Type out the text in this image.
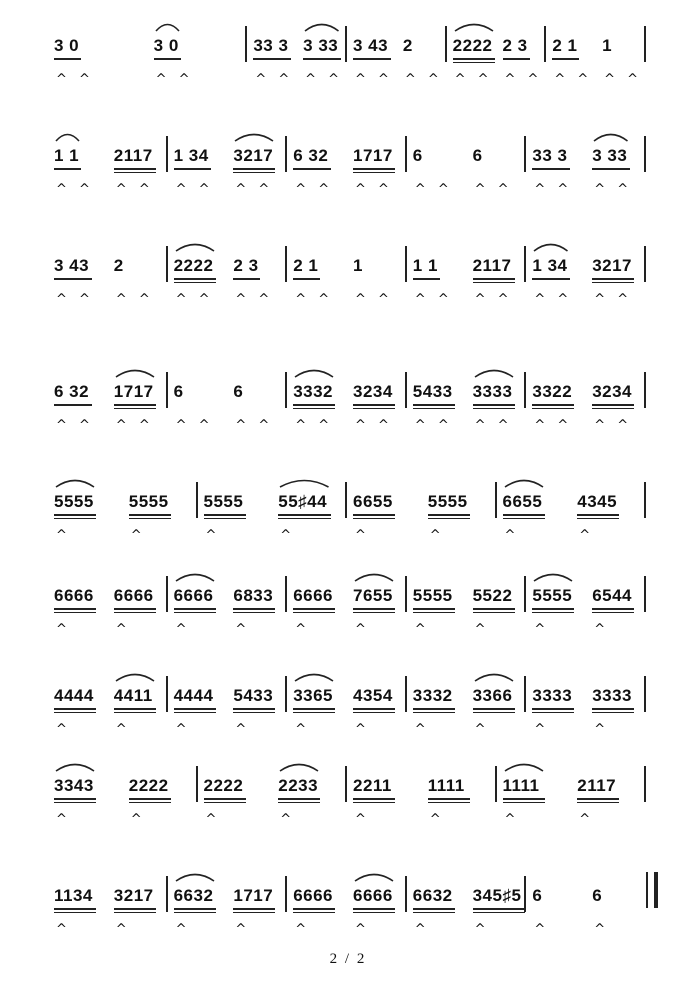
3 0
^ ^
3 0
^ ^
33 3
^ ^
3 33
^ ^
3 43
^ ^
2
^ ^
2222
^ ^
2 3
^ ^
2 1
^ ^
1
^ ^
1 1
^ ^
2117
^ ^
1 34
^ ^
3217
^ ^
6 32
^ ^
1717
^ ^
6
^ ^
6
^ ^
33 3
^ ^
3 33
^ ^
3 43
^ ^
2
^ ^
2222
^ ^
2 3
^ ^
2 1
^ ^
1
^ ^
1 1
^ ^
2117
^ ^
1 34
^ ^
3217
^ ^
6 32
^ ^
1717
^ ^
6
^ ^
6
^ ^
3332
^ ^
3234
^ ^
5433
^ ^
3333
^ ^
3322
^ ^
3234
^ ^
5555
^
5555
^
5555
^
55♯44
^
6655
^
5555
^
6655
^
4345
^
6666
^
6666
^
6666
^
6833
^
6666
^
7655
^
5555
^
5522
^
5555
^
6544
^
4444
^
4411
^
4444
^
5433
^
3365
^
4354
^
3332
^
3366
^
3333
^
3333
^
3343
^
2222
^
2222
^
2233
^
2211
^
1111
^
1111
^
2117
^
1134
^
3217
^
6632
^
1717
^
6666
^
6666
^
6632
^
345♯5
^
6
^
6
^
2 / 2
